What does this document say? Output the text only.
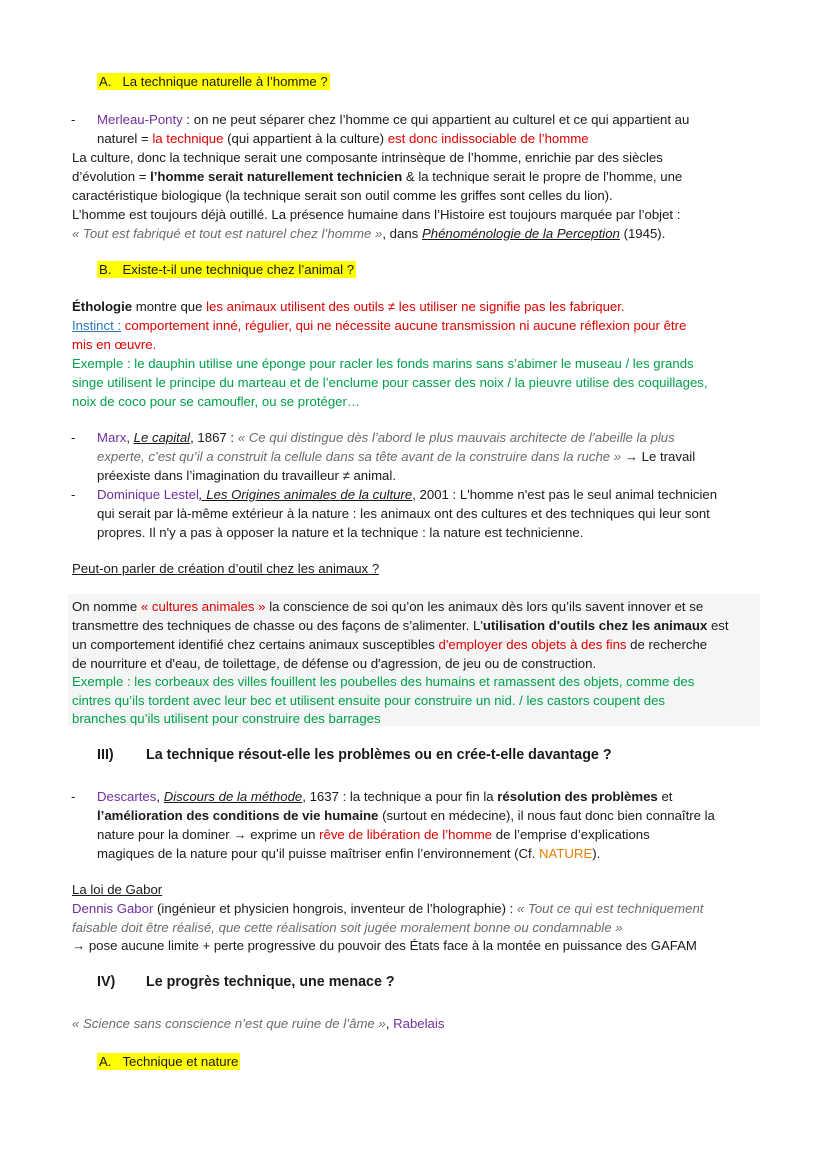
A. La technique naturelle à l’homme ?
- Merleau-Ponty : on ne peut séparer chez l’homme ce qui appartient au culturel et ce qui appartient au
naturel = la technique (qui appartient à la culture) est donc indissociable de l’homme
La culture, donc la technique serait une composante intrinsèque de l’homme, enrichie par des siècles
d’évolution = l’homme serait naturellement technicien & la technique serait le propre de l’homme, une
caractéristique biologique (la technique serait son outil comme les griffes sont celles du lion).
L’homme est toujours déjà outillé. La présence humaine dans l’Histoire est toujours marquée par l’objet :
« Tout est fabriqué et tout est naturel chez l’homme », dans Phénoménologie de la Perception (1945).
B. Existe-t-il une technique chez l’animal ?
Éthologie montre que les animaux utilisent des outils ≠ les utiliser ne signifie pas les fabriquer.
Instinct : comportement inné, régulier, qui ne nécessite aucune transmission ni aucune réflexion pour être
mis en œuvre.
Exemple : le dauphin utilise une éponge pour racler les fonds marins sans s’abimer le museau / les grands
singe utilisent le principe du marteau et de l’enclume pour casser des noix / la pieuvre utilise des coquillages,
noix de coco pour se camoufler, ou se protéger…
- Marx, Le capital, 1867 : « Ce qui distingue dès l’abord le plus mauvais architecte de l’abeille la plus
experte, c’est qu’il a construit la cellule dans sa tête avant de la construire dans la ruche » → Le travail
préexiste dans l’imagination du travailleur ≠ animal.
- Dominique Lestel, Les Origines animales de la culture, 2001 : L'homme n'est pas le seul animal technicien
qui serait par là-même extérieur à la nature : les animaux ont des cultures et des techniques qui leur sont
propres. Il n'y a pas à opposer la nature et la technique : la nature est technicienne.
Peut-on parler de création d’outil chez les animaux ?
On nomme « cultures animales » la conscience de soi qu’on les animaux dès lors qu’ils savent innover et se
transmettre des techniques de chasse ou des façons de s’alimenter. L'utilisation d'outils chez les animaux est
un comportement identifié chez certains animaux susceptibles d'employer des objets à des fins de recherche
de nourriture et d'eau, de toilettage, de défense ou d'agression, de jeu ou de construction.
Exemple : les corbeaux des villes fouillent les poubelles des humains et ramassent des objets, comme des
cintres qu’ils tordent avec leur bec et utilisent ensuite pour construire un nid. / les castors coupent des
branches qu’ils utilisent pour construire des barrages
III) La technique résout-elle les problèmes ou en crée-t-elle davantage ?
- Descartes, Discours de la méthode, 1637 : la technique a pour fin la résolution des problèmes et
l’amélioration des conditions de vie humaine (surtout en médecine), il nous faut donc bien connaître la
nature pour la dominer → exprime un rêve de libération de l’homme de l’emprise d’explications
magiques de la nature pour qu’il puisse maîtriser enfin l’environnement (Cf. NATURE).
La loi de Gabor
Dennis Gabor (ingénieur et physicien hongrois, inventeur de l’holographie) : « Tout ce qui est techniquement
faisable doit être réalisé, que cette réalisation soit jugée moralement bonne ou condamnable »
→ pose aucune limite + perte progressive du pouvoir des États face à la montée en puissance des GAFAM
IV) Le progrès technique, une menace ?
« Science sans conscience n’est que ruine de l’âme », Rabelais
A. Technique et nature
